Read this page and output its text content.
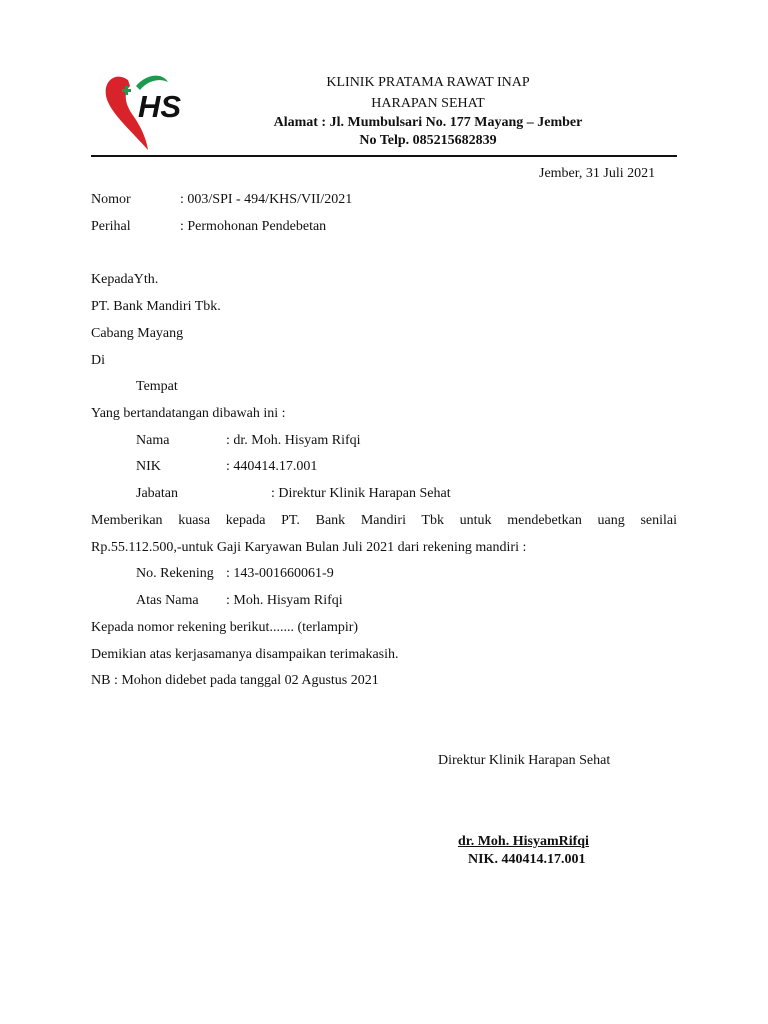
HS
KLINIK PRATAMA RAWAT INAP
HARAPAN SEHAT
Alamat : Jl. Mumbulsari No. 177 Mayang – Jember
No Telp. 085215682839
Jember, 31 Juli 2021
Nomor	: 003/SPI - 494/KHS/VII/2021
Perihal	: Permohonan Pendebetan
KepadaYth.
PT. Bank Mandiri Tbk.
Cabang Mayang
Di
Tempat
Yang bertandatangan dibawah ini :
Nama	: dr. Moh. Hisyam Rifqi
NIK	: 440414.17.001
Jabatan	: Direktur Klinik Harapan Sehat
Memberikan kuasa kepada PT. Bank Mandiri Tbk untuk mendebetkan uang senilai
Rp.55.112.500,-untuk Gaji Karyawan Bulan Juli 2021 dari rekening mandiri :
No. Rekening : 143-001660061-9
Atas Nama : Moh. Hisyam Rifqi
Kepada nomor rekening berikut....... (terlampir)
Demikian atas kerjasamanya disampaikan terimakasih.
NB : Mohon didebet pada tanggal 02 Agustus 2021
Direktur Klinik Harapan Sehat
dr. Moh. HisyamRifqi
NIK. 440414.17.001
